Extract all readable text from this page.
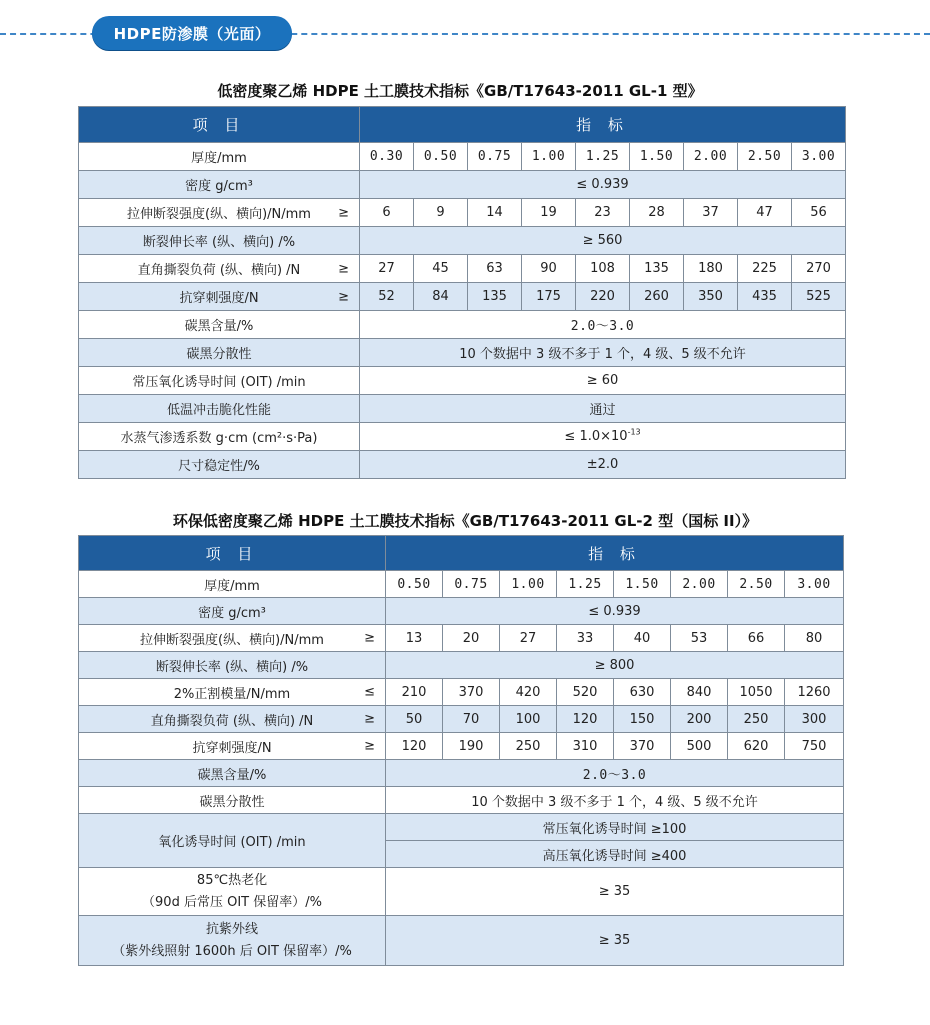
HDPE防渗膜（光面）
低密度聚乙烯 HDPE 土工膜技术指标《GB/T17643-2011 GL-1 型》
项 目	指 标								
厚度/mm	0.30	0.50	0.75	1.00	1.25	1.50	2.00	2.50	3.00
密度 g/cm³	≤ 0.939								
拉伸断裂强度(纵、横向)/N/mm ≥	6	9	14	19	23	28	37	47	56
断裂伸长率 (纵、横向) /%	≥ 560								
直角撕裂负荷 (纵、横向) /N ≥	27	45	63	90	108	135	180	225	270
抗穿刺强度/N ≥	52	84	135	175	220	260	350	435	525
碳黑含量/%	2.0～3.0								
碳黑分散性	10 个数据中 3 级不多于 1 个，4 级、5 级不允许								
常压氧化诱导时间 (OIT) /min	≥ 60								
低温冲击脆化性能	通过								
水蒸气渗透系数 g·cm (cm²·s·Pa)	≤ $1.0\times 10^{-13}$
尺寸稳定性/%	±2.0								
环保低密度聚乙烯 HDPE 土工膜技术指标《GB/T17643-2011 GL-2 型（国标 II）》
项 目	指 标							
厚度/mm	0.50	0.75	1.00	1.25	1.50	2.00	2.50	3.00
密度 g/cm³	≤ 0.939							
拉伸断裂强度(纵、横向)/N/mm ≥	13	20	27	33	40	53	66	80
断裂伸长率 (纵、横向) /%	≥ 800							
2%正割模量/N/mm ≤	210	370	420	520	630	840	1050	1260
直角撕裂负荷 (纵、横向) /N ≥	50	70	100	120	150	200	250	300
抗穿刺强度/N ≥	120	190	250	310	370	500	620	750
碳黑含量/%	2.0～3.0							
碳黑分散性	10 个数据中 3 级不多于 1 个，4 级、5 级不允许							
氧化诱导时间 (OIT) /min	常压氧化诱导时间 ≥100							
	高压氧化诱导时间 ≥400							

85℃热老化
（90d 后常压 OIT 保留率）/%	≥ 35							

抗紫外线
（紫外线照射 1600h 后 OIT 保留率）/%	≥ 35							
